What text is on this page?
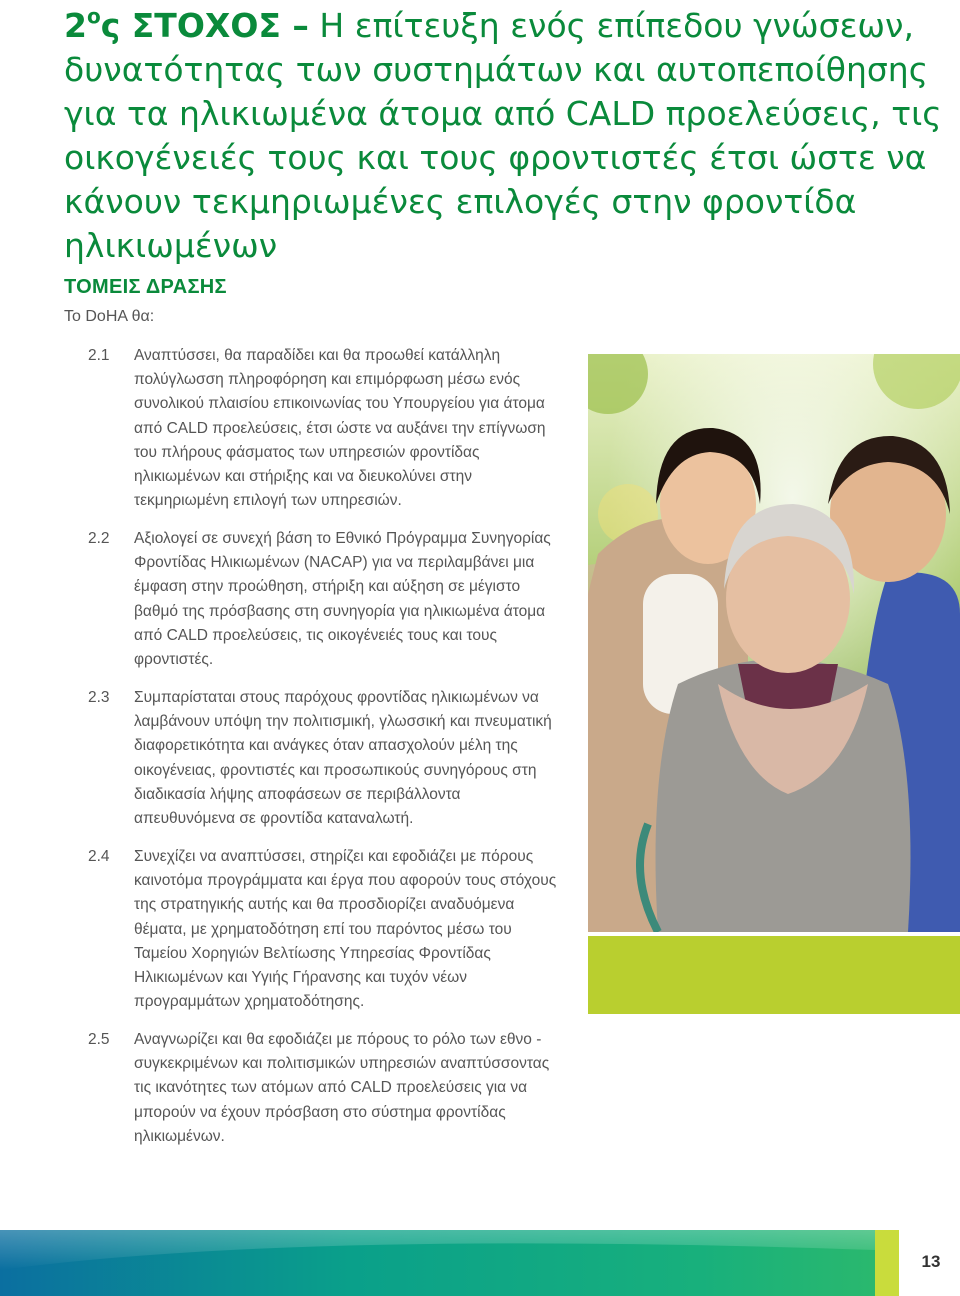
$2^o\varsigma$ ΣΤΟΧΟΣ – Η επίτευξη ενός επίπεδου γνώσεων, δυνατότητας των συστημάτων και αυτοπεποίθησης για τα ηλικιωμένα άτομα από CALD προελεύσεις, τις οικογένειές τους και τους φροντιστές έτσι ώστε να κάνουν τεκμηριωμένες επιλογές στην φροντίδα ηλικιωμένων
ΤΟΜΕΙΣ ΔΡΑΣΗΣ
Το DoHA θα:
2.1 Αναπτύσσει, θα παραδίδει και θα προωθεί κατάλληλη πολύγλωσση πληροφόρηση και επιμόρφωση μέσω ενός συνολικού πλαισίου επικοινωνίας του Υπουργείου για άτομα από CALD προελεύσεις, έτσι ώστε να αυξάνει την επίγνωση του πλήρους φάσματος των υπηρεσιών φροντίδας ηλικιωμένων και στήριξης και να διευκολύνει στην τεκμηριωμένη επιλογή των υπηρεσιών.
2.2 Αξιολογεί σε συνεχή βάση το Εθνικό Πρόγραμμα Συνηγορίας Φροντίδας Ηλικιωμένων (NACAP) για να περιλαμβάνει μια έμφαση στην προώθηση, στήριξη και αύξηση σε μέγιστο βαθμό της πρόσβασης στη συνηγορία για ηλικιωμένα άτομα από CALD προελεύσεις, τις οικογένειές τους και τους φροντιστές.
2.3 Συμπαρίσταται στους παρόχους φροντίδας ηλικιωμένων να λαμβάνουν υπόψη την πολιτισμική, γλωσσική και πνευματική διαφορετικότητα και ανάγκες όταν απασχολούν μέλη της οικογένειας, φροντιστές και προσωπικούς συνηγόρους στη διαδικασία λήψης αποφάσεων σε περιβάλλοντα απευθυνόμενα σε φροντίδα καταναλωτή.
2.4 Συνεχίζει να αναπτύσσει, στηρίζει και εφοδιάζει με πόρους καινοτόμα προγράμματα και έργα που αφορούν τους στόχους της στρατηγικής αυτής και θα προσδιορίζει αναδυόμενα θέματα, με χρηματοδότηση επί του παρόντος μέσω του Ταμείου Χορηγιών Βελτίωσης Υπηρεσίας Φροντίδας Ηλικιωμένων και Υγιής Γήρανσης και τυχόν νέων προγραμμάτων χρηματοδότησης.
2.5 Αναγνωρίζει και θα εφοδιάζει με πόρους το ρόλο των εθνο - συγκεκριμένων και πολιτισμικών υπηρεσιών αναπτύσσοντας τις ικανότητες των ατόμων από CALD προελεύσεις για να μπορούν να έχουν πρόσβαση στο σύστημα φροντίδας ηλικιωμένων.
13
